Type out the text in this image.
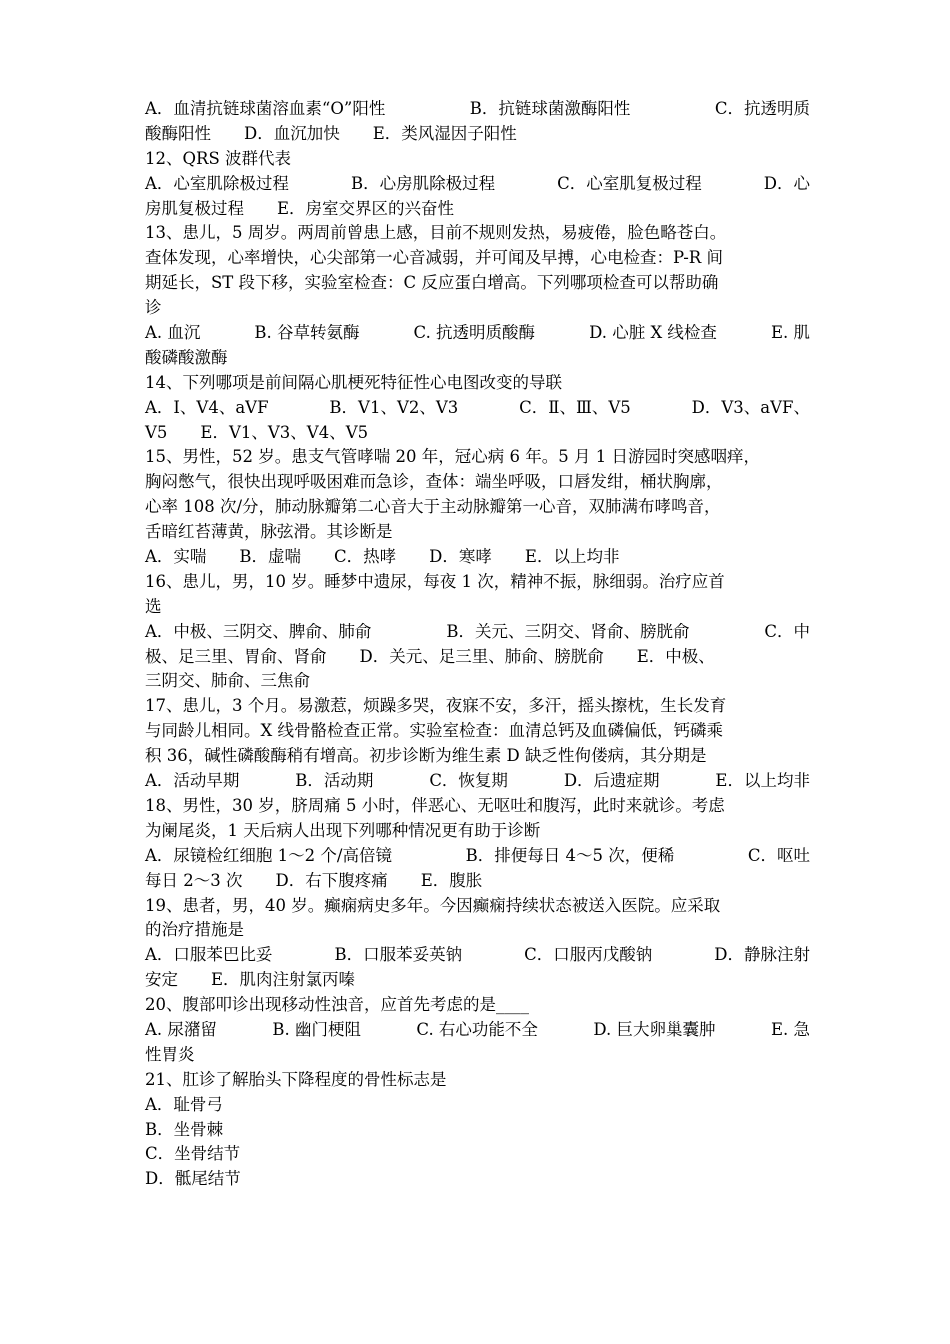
A．血清抗链球菌溶血素“O”阳性	B．抗链球菌激酶阳性	C．抗透明质
酸酶阳性　　D．血沉加快　　E．类风湿因子阳性
12、QRS 波群代表
A．心室肌除极过程	B．心房肌除极过程	C．心室肌复极过程	D．心
房肌复极过程　　E．房室交界区的兴奋性
13、患儿，5 周岁。两周前曾患上感，目前不规则发热，易疲倦，脸色略苍白。
查体发现，心率增快，心尖部第一心音减弱，并可闻及早搏，心电检查：P-R 间
期延长，ST 段下移，实验室检查：C 反应蛋白增高。下列哪项检查可以帮助确
诊
A. 血沉	B. 谷草转氨酶	C. 抗透明质酸酶	D. 心脏 X 线检查	E. 肌
酸磷酸激酶
14、下列哪项是前间隔心肌梗死特征性心电图改变的导联
A．Ⅰ、V4、aVF	B．V1、V2、V3	C．Ⅱ、Ⅲ、V5	D．V3、aVF、
V5　　E．V1、V3、V4、V5
15、男性，52 岁。患支气管哮喘 20 年，冠心病 6 年。5 月 1 日游园时突感咽痒，
胸闷憋气，很快出现呼吸困难而急诊，查体：端坐呼吸，口唇发绀，桶状胸廓，
心率 108 次/分，肺动脉瓣第二心音大于主动脉瓣第一心音，双肺满布哮鸣音，
舌暗红苔薄黄，脉弦滑。其诊断是
A．实喘　　B．虚喘　　C．热哮　　D．寒哮　　E．以上均非
16、患儿，男，10 岁。睡梦中遗尿，每夜 1 次，精神不振，脉细弱。治疗应首
选
A．中极、三阴交、脾俞、肺俞	B．关元、三阴交、肾俞、膀胱俞	C．中
极、足三里、胃俞、肾俞　　D．关元、足三里、肺俞、膀胱俞　　E．中极、
三阴交、肺俞、三焦俞
17、患儿，3 个月。易激惹，烦躁多哭，夜寐不安，多汗，摇头擦枕，生长发育
与同龄儿相同。X 线骨骼检查正常。实验室检查：血清总钙及血磷偏低，钙磷乘
积 36，碱性磷酸酶稍有增高。初步诊断为维生素 D 缺乏性佝偻病，其分期是
A．活动早期	B．活动期	C．恢复期	D．后遗症期	E．以上均非
18、男性，30 岁，脐周痛 5 小时，伴恶心、无呕吐和腹泻，此时来就诊。考虑
为阑尾炎，1 天后病人出现下列哪种情况更有助于诊断
A．尿镜检红细胞 1～2 个/高倍镜	B．排便每日 4～5 次，便稀	C．呕吐
每日 2～3 次　　D．右下腹疼痛　　E．腹胀
19、患者，男，40 岁。癫痫病史多年。今因癫痫持续状态被送入医院。应采取
的治疗措施是
A．口服苯巴比妥	B．口服苯妥英钠	C．口服丙戊酸钠	D．静脉注射
安定　　E．肌肉注射氯丙嗪
20、腹部叩诊出现移动性浊音，应首先考虑的是____
A. 尿潴留	B. 幽门梗阻	C. 右心功能不全	D. 巨大卵巢囊肿	E. 急
性胃炎
21、肛诊了解胎头下降程度的骨性标志是
A．耻骨弓
B．坐骨棘
C．坐骨结节
D．骶尾结节
